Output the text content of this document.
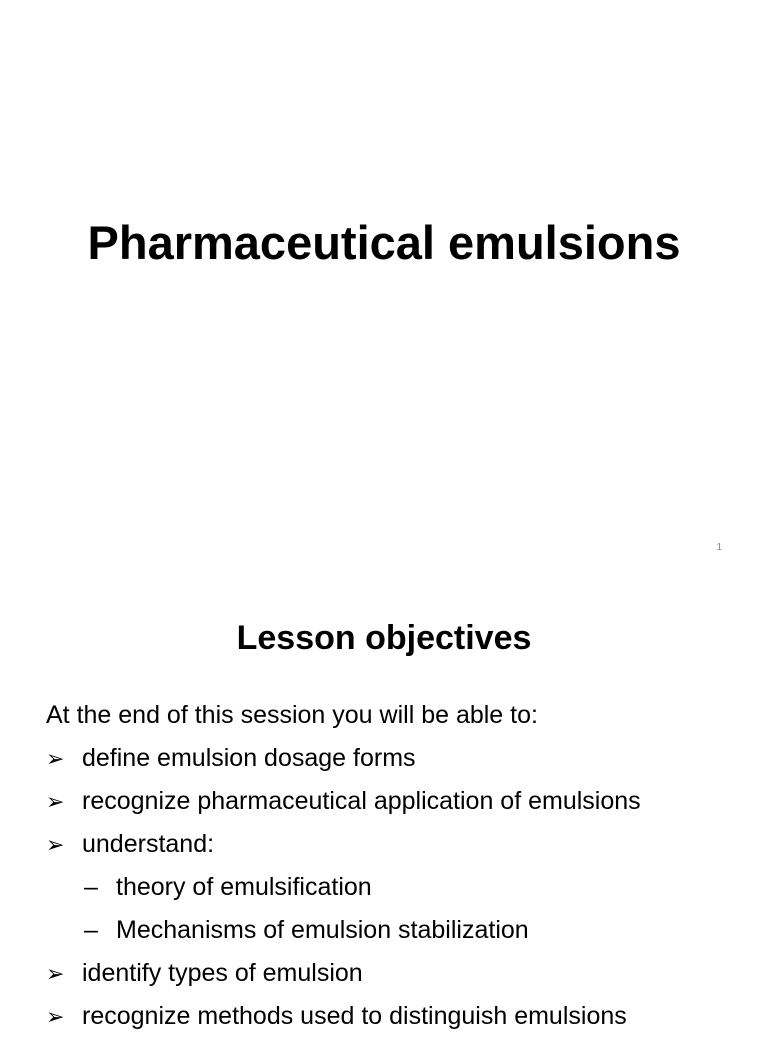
Pharmaceutical emulsions
1
Lesson objectives
At the end of this session you will be able to:
➢ define emulsion dosage forms
➢ recognize pharmaceutical application of emulsions
➢ understand:
– theory of emulsification
– Mechanisms of emulsion stabilization
➢ identify types of emulsion
➢ recognize methods used to distinguish emulsions
